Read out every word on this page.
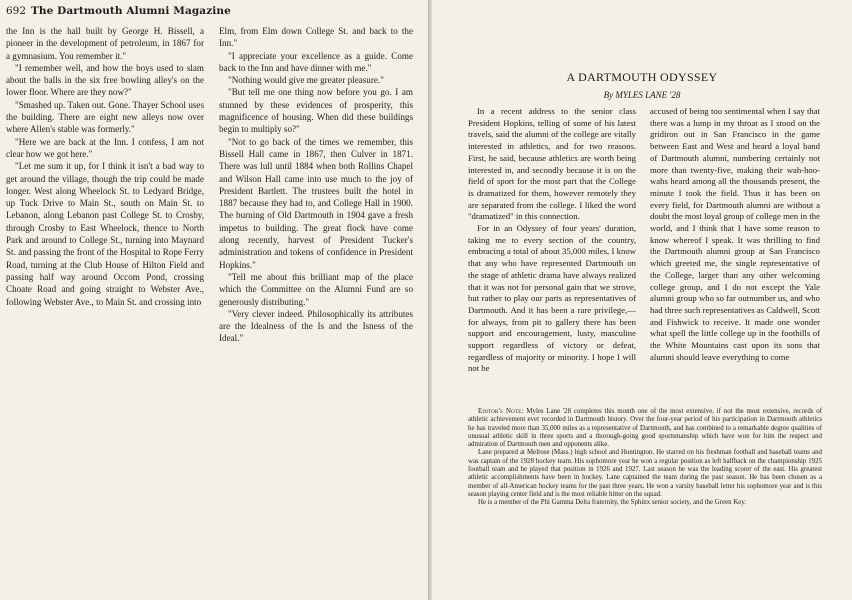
692 The Dartmouth Alumni Magazine

the Inn is the hall built by George H. Bissell, a pioneer in the development of petroleum, in 1867 for a gymnasium. You remember it."

"I remember well, and how the boys used to slam about the balls in the six free bowling alley's on the lower floor. Where are they now?"

"Smashed up. Taken out. Gone. Thayer School uses the building. There are eight new alleys now over where Allen's stable was formerly."

"Here we are back at the Inn. I confess, I am not clear how we got here."

"Let me sum it up, for I think it isn't a bad way to get around the village, though the trip could be made longer. West along Wheelock St. to Ledyard Bridge, up Tuck Drive to Main St., south on Main St. to Lebanon, along Lebanon past College St. to Crosby, through Crosby to East Wheelock, thence to North Park and around to College St., turning into Maynard St. and passing the front of the Hospital to Rope Ferry Road, turning at the Club House of Hilton Field and passing half way around Occom Pond, crossing Choate Road and going straight to Webster Ave., following Webster Ave., to Main St. and crossing into

Elm, from Elm down College St. and back to the Inn."

"I appreciate your excellence as a guide. Come back to the Inn and have dinner with me."

"Nothing would give me greater pleasure."

"But tell me one thing now before you go. I am stunned by these evidences of prosperity, this magnificence of housing. When did these buildings begin to multiply so?"

"Not to go back of the times we remember, this Bissell Hall came in 1867, then Culver in 1871. There was lull until 1884 when both Rollins Chapel and Wilson Hall came into use much to the joy of President Bartlett. The trustees built the hotel in 1887 because they had to, and College Hall in 1900. The burning of Old Dartmouth in 1904 gave a fresh impetus to building. The great flock have come along recently, harvest of President Tucker's administration and tokens of confidence in President Hopkins."

"Tell me about this brilliant map of the place which the Committee on the Alumni Fund are so generously distributing."

"Very clever indeed. Philosophically its attributes are the Idealness of the Is and the Isness of the Ideal."

A DARTMOUTH ODYSSEY
By MYLES LANE '28

In a recent address to the senior class President Hopkins, telling of some of his latest travels, said the alumni of the college are vitally interested in athletics, and for two reasons. First, he said, because athletics are worth being interested in, and secondly because it is on the field of sport for the most part that the College is dramatized for them, however remotely they are separated from the college. I liked the word "dramatized" in this connection.

For in an Odyssey of four years' duration, taking me to every section of the country, embracing a total of about 35,000 miles, I know that any who have represented Dartmouth on the stage of athletic drama have always realized that it was not for personal gain that we strove, but rather to play our parts as representatives of Dartmouth. And it has been a rare privilege,—for always, from pit to gallery there has been support and encouragement, lusty, masculine support regardless of victory or defeat, regardless of majority or minority. I hope I will not be

accused of being too sentimental when I say that there was a lump in my throat as I stood on the gridiron out in San Francisco in the game between East and West and heard a loyal band of Dartmouth alumni, numbering certainly not more than twenty-five, making their wah-hoo-wahs heard among all the thousands present, the minute I took the field. Thus it has been on every field, for Dartmouth alumni are without a doubt the most loyal group of college men in the world, and I think that I have some reason to know whereof I speak. It was thrilling to find the Dartmouth alumni group at San Francisco which greeted me, the single representative of the College, larger than any other welcoming college group, and I do not except the Yale alumni group who so far outnumber us, and who had three such representatives as Caldwell, Scott and Fishwick to receive. It made one wonder what spell the little college up in the foothills of the White Mountains cast upon its sons that alumni should leave everything to come

Editor's Note: Myles Lane '28 completes this month one of the most extensive, if not the most extensive, records of athletic achievement ever recorded in Dartmouth history. Over the four-year period of his participation in Dartmouth athletics he has traveled more than 35,000 miles as a representative of Dartmouth, and has combined to a remarkable degree qualities of unusual athletic skill in three sports and a thorough-going good sportsmanship which have won for him the respect and admiration of Dartmouth men and opponents alike.

Lane prepared at Melrose (Mass.) high school and Huntington. He starred on his freshman football and baseball teams and was captain of the 1928 hockey team. His sophomore year he won a regular position as left halfback on the championship 1925 football team and he played that position in 1926 and 1927. Last season he was the leading scorer of the east. His greatest athletic accomplishments have been in hockey. Lane captained the team during the past season. He has been chosen as a member of all-American hockey teams for the past three years. He won a varsity baseball letter his sophomore year and is this season playing center field and is the most reliable hitter on the squad.

He is a member of the Phi Gamma Delta fraternity, the Sphinx senior society, and the Green Key.
